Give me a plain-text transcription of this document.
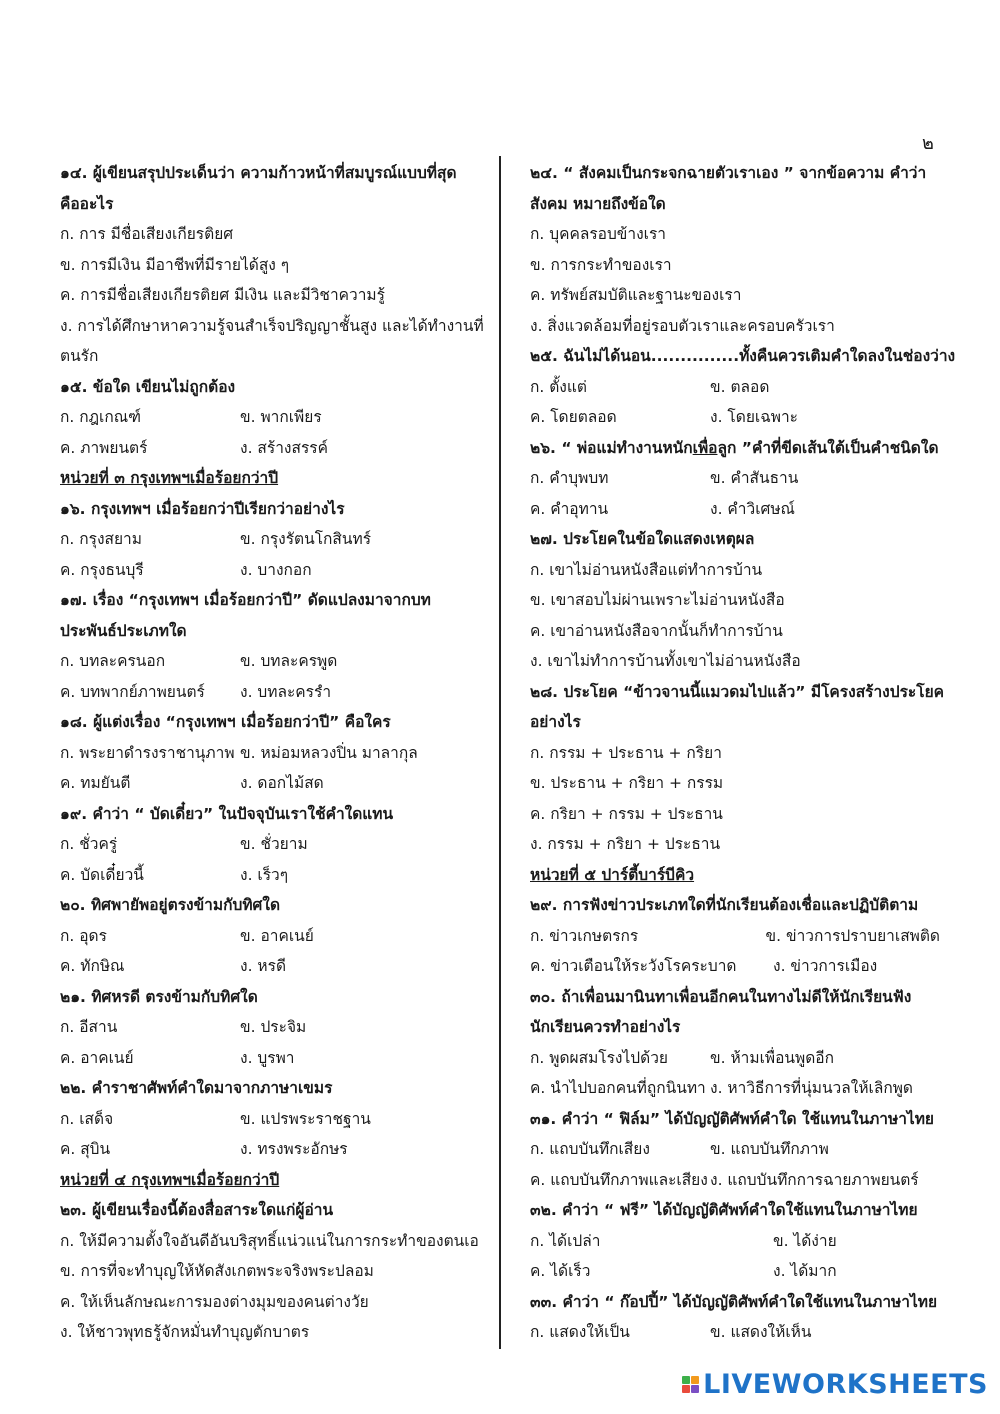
๒
๑๔. ผู้เขียนสรุปประเด็นว่า ความก้าวหน้าที่สมบูรณ์แบบที่สุด
คืออะไร
ก. การ มีชื่อเสียงเกียรติยศ
ข. การมีเงิน มีอาชีพที่มีรายได้สูง ๆ
ค. การมีชื่อเสียงเกียรติยศ มีเงิน และมีวิชาความรู้
ง. การได้ศึกษาหาความรู้จนสำเร็จปริญญาชั้นสูง และได้ทำงานที่
ตนรัก
๑๕. ข้อใด เขียนไม่ถูกต้อง
ก. กฎเกณฑ์	ข. พากเพียร
ค. ภาพยนตร์	ง. สร้างสรรค์
หน่วยที่ ๓ กรุงเทพฯเมื่อร้อยกว่าปี
๑๖. กรุงเทพฯ เมื่อร้อยกว่าปีเรียกว่าอย่างไร
ก. กรุงสยาม	ข. กรุงรัตนโกสินทร์
ค. กรุงธนบุรี	ง. บางกอก
๑๗. เรื่อง “กรุงเทพฯ เมื่อร้อยกว่าปี” ดัดแปลงมาจากบท
ประพันธ์ประเภทใด
ก. บทละครนอก	ข. บทละครพูด
ค. บทพากย์ภาพยนตร์	ง. บทละครรำ
๑๘. ผู้แต่งเรื่อง “กรุงเทพฯ เมื่อร้อยกว่าปี” คือใคร
ก. พระยาดำรงราชานุภาพ ข. หม่อมหลวงปิ่น มาลากุล
ค. ทมยันตี	ง. ดอกไม้สด
๑๙. คำว่า “ บัดเดี๋ยว” ในปัจจุบันเราใช้คำใดแทน
ก. ชั่วครู่	ข. ชั่วยาม
ค. บัดเดี๋ยวนี้	ง. เร็วๆ
๒๐. ทิศพายัพอยู่ตรงข้ามกับทิศใด
ก. อุดร	ข. อาคเนย์
ค. ทักษิณ	ง. หรดี
๒๑. ทิศหรดี ตรงข้ามกับทิศใด
ก. อีสาน	ข. ประจิม
ค. อาคเนย์	ง. บูรพา
๒๒. คำราชาศัพท์คำใดมาจากภาษาเขมร
ก. เสด็จ	ข. แปรพระราชฐาน
ค. สุบิน	ง. ทรงพระอักษร
หน่วยที่ ๔ กรุงเทพฯเมื่อร้อยกว่าปี
๒๓. ผู้เขียนเรื่องนี้ต้องสื่อสาระใดแก่ผู้อ่าน
ก. ให้มีความตั้งใจอันดีอันบริสุทธิ์แน่วแน่ในการกระทำของตนเอ
ข. การที่จะทำบุญให้หัดสังเกตพระจริงพระปลอม
ค. ให้เห็นลักษณะการมองต่างมุมของคนต่างวัย
ง. ให้ชาวพุทธรู้จักหมั่นทำบุญตักบาตร
๒๔. “ สังคมเป็นกระจกฉายตัวเราเอง ” จากข้อความ คำว่า
สังคม หมายถึงข้อใด
ก. บุคคลรอบข้างเรา
ข. การกระทำของเรา
ค. ทรัพย์สมบัติและฐานะของเรา
ง. สิ่งแวดล้อมที่อยู่รอบตัวเราและครอบครัวเรา
๒๕. ฉันไม่ได้นอน...............ทั้งคืนควรเติมคำใดลงในช่องว่าง
ก. ตั้งแต่	ข. ตลอด
ค. โดยตลอด	ง. โดยเฉพาะ
๒๖. “ พ่อแม่ทำงานหนักเพื่อลูก ”คำที่ขีดเส้นใต้เป็นคำชนิดใด
ก. คำบุพบท	ข. คำสันธาน
ค. คำอุทาน	ง. คำวิเศษณ์
๒๗. ประโยคในข้อใดแสดงเหตุผล
ก. เขาไม่อ่านหนังสือแต่ทำการบ้าน
ข. เขาสอบไม่ผ่านเพราะไม่อ่านหนังสือ
ค. เขาอ่านหนังสือจากนั้นก็ทำการบ้าน
ง. เขาไม่ทำการบ้านทั้งเขาไม่อ่านหนังสือ
๒๘. ประโยค “ข้าวจานนี้แมวดมไปแล้ว” มีโครงสร้างประโยค
อย่างไร
ก. กรรม + ประธาน + กริยา
ข. ประธาน + กริยา + กรรม
ค. กริยา + กรรม + ประธาน
ง. กรรม + กริยา + ประธาน
หน่วยที่ ๕ ปาร์ตี้บาร์บีคิว
๒๙. การฟังข่าวประเภทใดที่นักเรียนต้องเชื่อและปฏิบัติตาม
ก. ข่าวเกษตรกร	ข. ข่าวการปราบยาเสพติด
ค. ข่าวเตือนให้ระวังโรคระบาด	ง. ข่าวการเมือง
๓๐. ถ้าเพื่อนมานินทาเพื่อนอีกคนในทางไม่ดีให้นักเรียนฟัง
นักเรียนควรทำอย่างไร
ก. พูดผสมโรงไปด้วย	ข. ห้ามเพื่อนพูดอีก
ค. นำไปบอกคนที่ถูกนินทา ง. หาวิธีการที่นุ่มนวลให้เลิกพูด
๓๑. คำว่า “ ฟิล์ม” ได้บัญญัติศัพท์คำใด ใช้แทนในภาษาไทย
ก. แถบบันทึกเสียง	ข. แถบบันทึกภาพ
ค. แถบบันทึกภาพและเสียง ง. แถบบันทึกการฉายภาพยนตร์
๓๒. คำว่า “ ฟรี” ได้บัญญัติศัพท์คำใดใช้แทนในภาษาไทย
ก. ได้เปล่า	ข. ได้ง่าย
ค. ได้เร็ว	ง. ได้มาก
๓๓. คำว่า “ ก๊อปปี้” ได้บัญญัติศัพท์คำใดใช้แทนในภาษาไทย
ก. แสดงให้เป็น	ข. แสดงให้เห็น
LIVEWORKSHEETS
